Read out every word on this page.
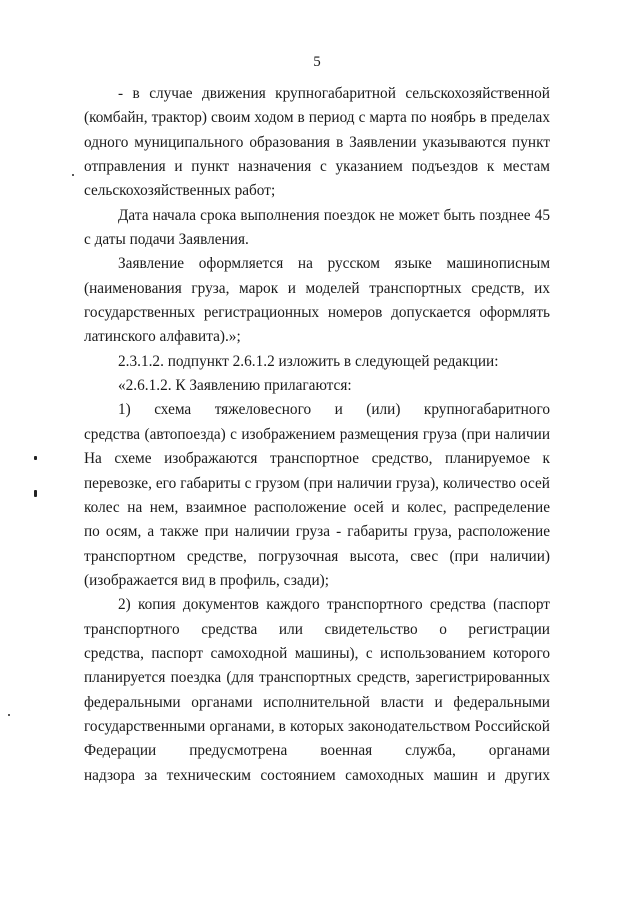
5
- в случае движения крупногабаритной сельскохозяйственной
(комбайн, трактор) своим ходом в период с марта по ноябрь в пределах
одного муниципального образования в Заявлении указываются пункт
отправления и пункт назначения с указанием подъездов к местам
сельскохозяйственных работ;
Дата начала срока выполнения поездок не может быть позднее 45
с даты подачи Заявления.
Заявление оформляется на русском языке машинописным
(наименования груза, марок и моделей транспортных средств, их
государственных регистрационных номеров допускается оформлять
латинского алфавита).»;
2.3.1.2. подпункт 2.6.1.2 изложить в следующей редакции:
«2.6.1.2. К Заявлению прилагаются:
1) схема тяжеловесного и (или) крупногабаритного
средства (автопоезда) с изображением размещения груза (при наличии
На схеме изображаются транспортное средство, планируемое к
перевозке, его габариты с грузом (при наличии груза), количество осей
колес на нем, взаимное расположение осей и колес, распределение
по осям, а также при наличии груза - габариты груза, расположение
транспортном средстве, погрузочная высота, свес (при наличии)
(изображается вид в профиль, сзади);
2) копия документов каждого транспортного средства (паспорт
транспортного средства или свидетельство о регистрации
средства, паспорт самоходной машины), с использованием которого
планируется поездка (для транспортных средств, зарегистрированных
федеральными органами исполнительной власти и федеральными
государственными органами, в которых законодательством Российской
Федерации предусмотрена военная служба, органами
надзора за техническим состоянием самоходных машин и других
